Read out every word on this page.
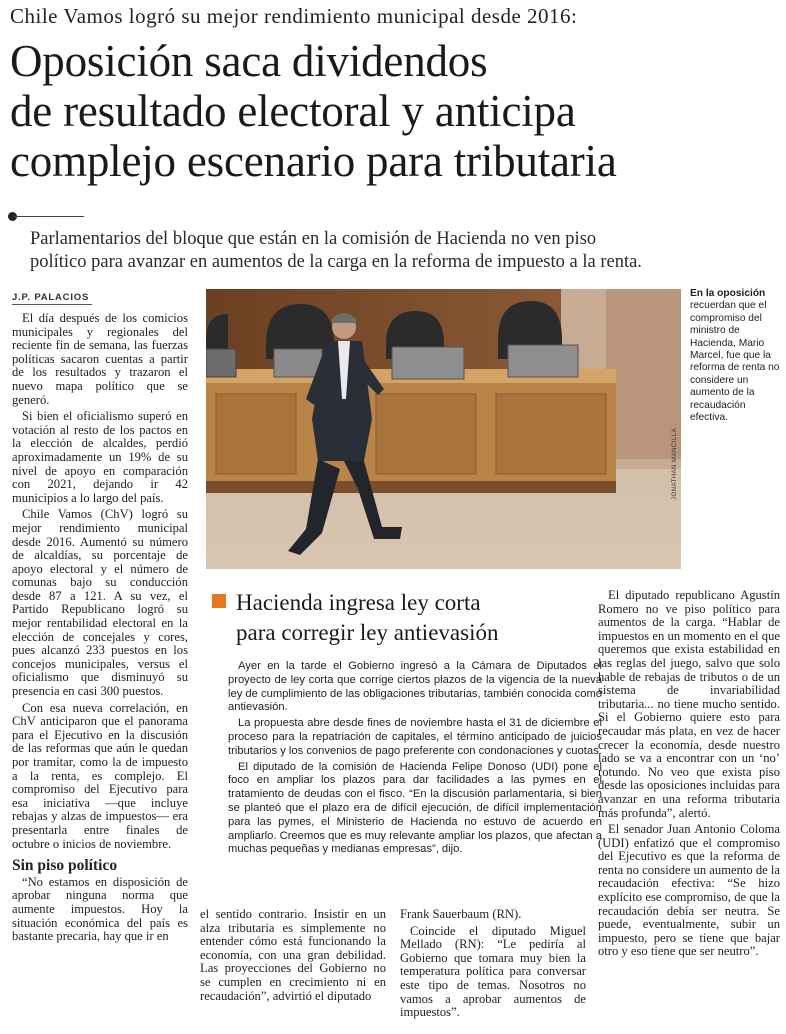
Chile Vamos logró su mejor rendimiento municipal desde 2016:
Oposición saca dividendos
de resultado electoral y anticipa
complejo escenario para tributaria
Parlamentarios del bloque que están en la comisión de Hacienda no ven piso
político para avanzar en aumentos de la carga en la reforma de impuesto a la renta.
J.P. PALACIOS

El día después de los comicios municipales y regionales del reciente fin de semana, las fuerzas políticas sacaron cuentas a partir de los resultados y trazaron el nuevo mapa político que se generó.

Si bien el oficialismo superó en votación al resto de los pactos en la elección de alcaldes, perdió aproximadamente un 19% de su nivel de apoyo en comparación con 2021, dejando ir 42 municipios a lo largo del país.

Chile Vamos (ChV) logró su mejor rendimiento municipal desde 2016. Aumentó su número de alcaldías, su porcentaje de apoyo electoral y el número de comunas bajo su conducción desde 87 a 121. A su vez, el Partido Republicano logró su mejor rentabilidad electoral en la elección de concejales y cores, pues alcanzó 233 puestos en los concejos municipales, versus el oficialismo que disminuyó su presencia en casi 300 puestos.

Con esa nueva correlación, en ChV anticiparon que el panorama para el Ejecutivo en la discusión de las reformas que aún le quedan por tramitar, como la de impuesto a la renta, es complejo. El compromiso del Ejecutivo para esa iniciativa —que incluye rebajas y alzas de impuestos— era presentarla entre finales de octubre o inicios de noviembre.

Sin piso político

“No estamos en disposición de aprobar ninguna norma que aumente impuestos. Hoy la situación económica del país es bastante precaria, hay que ir en

JONATHAN MANCILLA
En la oposición recuerdan que el compromiso del ministro de Hacienda, Mario Marcel, fue que la reforma de renta no considere un aumento de la recaudación efectiva.
Hacienda ingresa ley corta
para corregir ley antievasión

Ayer en la tarde el Gobierno ingresó a la Cámara de Diputados el proyecto de ley corta que corrige ciertos plazos de la vigencia de la nueva ley de cumplimiento de las obligaciones tributarias, también conocida como antievasión.

La propuesta abre desde fines de noviembre hasta el 31 de diciembre el proceso para la repatriación de capitales, el término anticipado de juicios tributarios y los convenios de pago preferente con condonaciones y cuotas.

El diputado de la comisión de Hacienda Felipe Donoso (UDI) pone el foco en ampliar los plazos para dar facilidades a las pymes en el tratamiento de deudas con el fisco. “En la discusión parlamentaria, si bien se planteó que el plazo era de difícil ejecución, de difícil implementación para las pymes, el Ministerio de Hacienda no estuvo de acuerdo en ampliarlo. Creemos que es muy relevante ampliar los plazos, que afectan a muchas pequeñas y medianas empresas”, dijo.

el sentido contrario. Insistir en un alza tributaria es simplemente no entender cómo está funcionando la economía, con una gran debilidad. Las proyecciones del Gobierno no se cumplen en crecimiento ni en recaudación”, advirtió el diputado

Frank Sauerbaum (RN).

Coincide el diputado Miguel Mellado (RN): “Le pediría al Gobierno que tomara muy bien la temperatura política para conversar este tipo de temas. Nosotros no vamos a aprobar aumentos de impuestos”.

El diputado republicano Agustín Romero no ve piso político para aumentos de la carga. “Hablar de impuestos en un momento en el que queremos que exista estabilidad en las reglas del juego, salvo que solo hable de rebajas de tributos o de un sistema de invariabilidad tributaria... no tiene mucho sentido. Si el Gobierno quiere esto para recaudar más plata, en vez de hacer crecer la economía, desde nuestro lado se va a encontrar con un ‘no’ rotundo. No veo que exista piso desde las oposiciones incluidas para avanzar en una reforma tributaria más profunda”, alertó.

El senador Juan Antonio Coloma (UDI) enfatizó que el compromiso del Ejecutivo es que la reforma de renta no considere un aumento de la recaudación efectiva: “Se hizo explícito ese compromiso, de que la recaudación debía ser neutra. Se puede, eventualmente, subir un impuesto, pero se tiene que bajar otro y eso tiene que ser neutro”.
